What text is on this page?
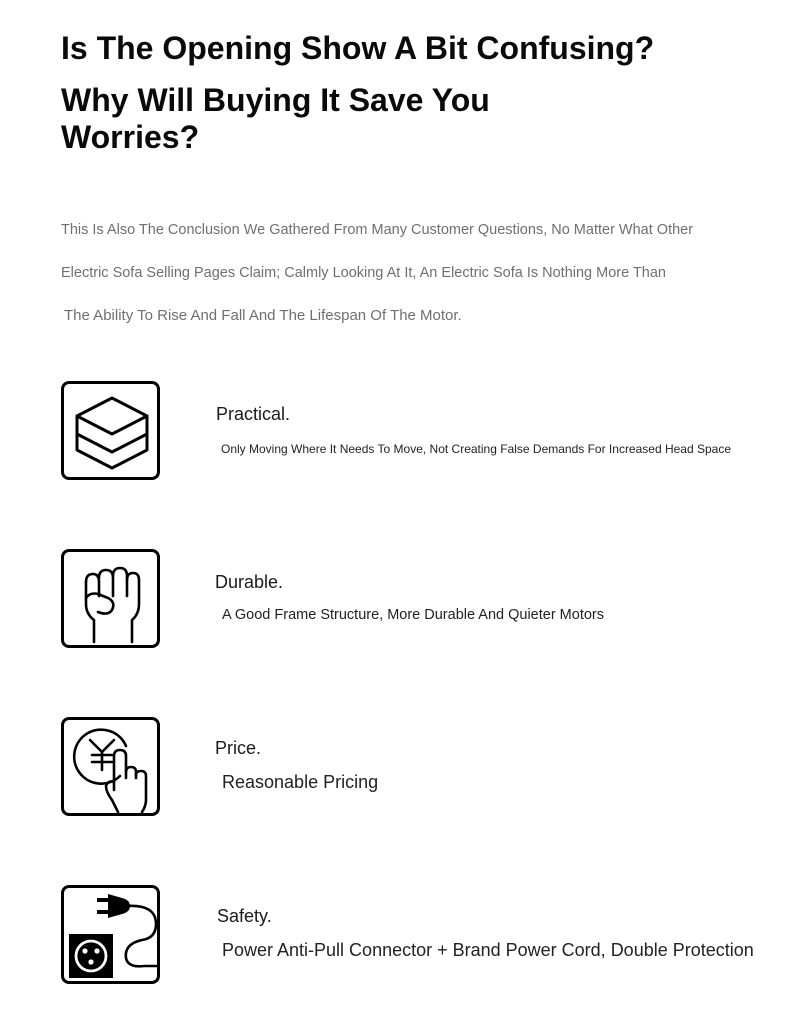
Is The Opening Show A Bit Confusing?
Why Will Buying It Save You Worries?
This Is Also The Conclusion We Gathered From Many Customer Questions, No Matter What Other
Electric Sofa Selling Pages Claim; Calmly Looking At It, An Electric Sofa Is Nothing More Than
The Ability To Rise And Fall And The Lifespan Of The Motor.
Practical.
Only Moving Where It Needs To Move, Not Creating False Demands For Increased Head Space
Durable.
A Good Frame Structure, More Durable And Quieter Motors
Price.
Reasonable Pricing
Safety.
Power Anti-Pull Connector + Brand Power Cord, Double Protection
